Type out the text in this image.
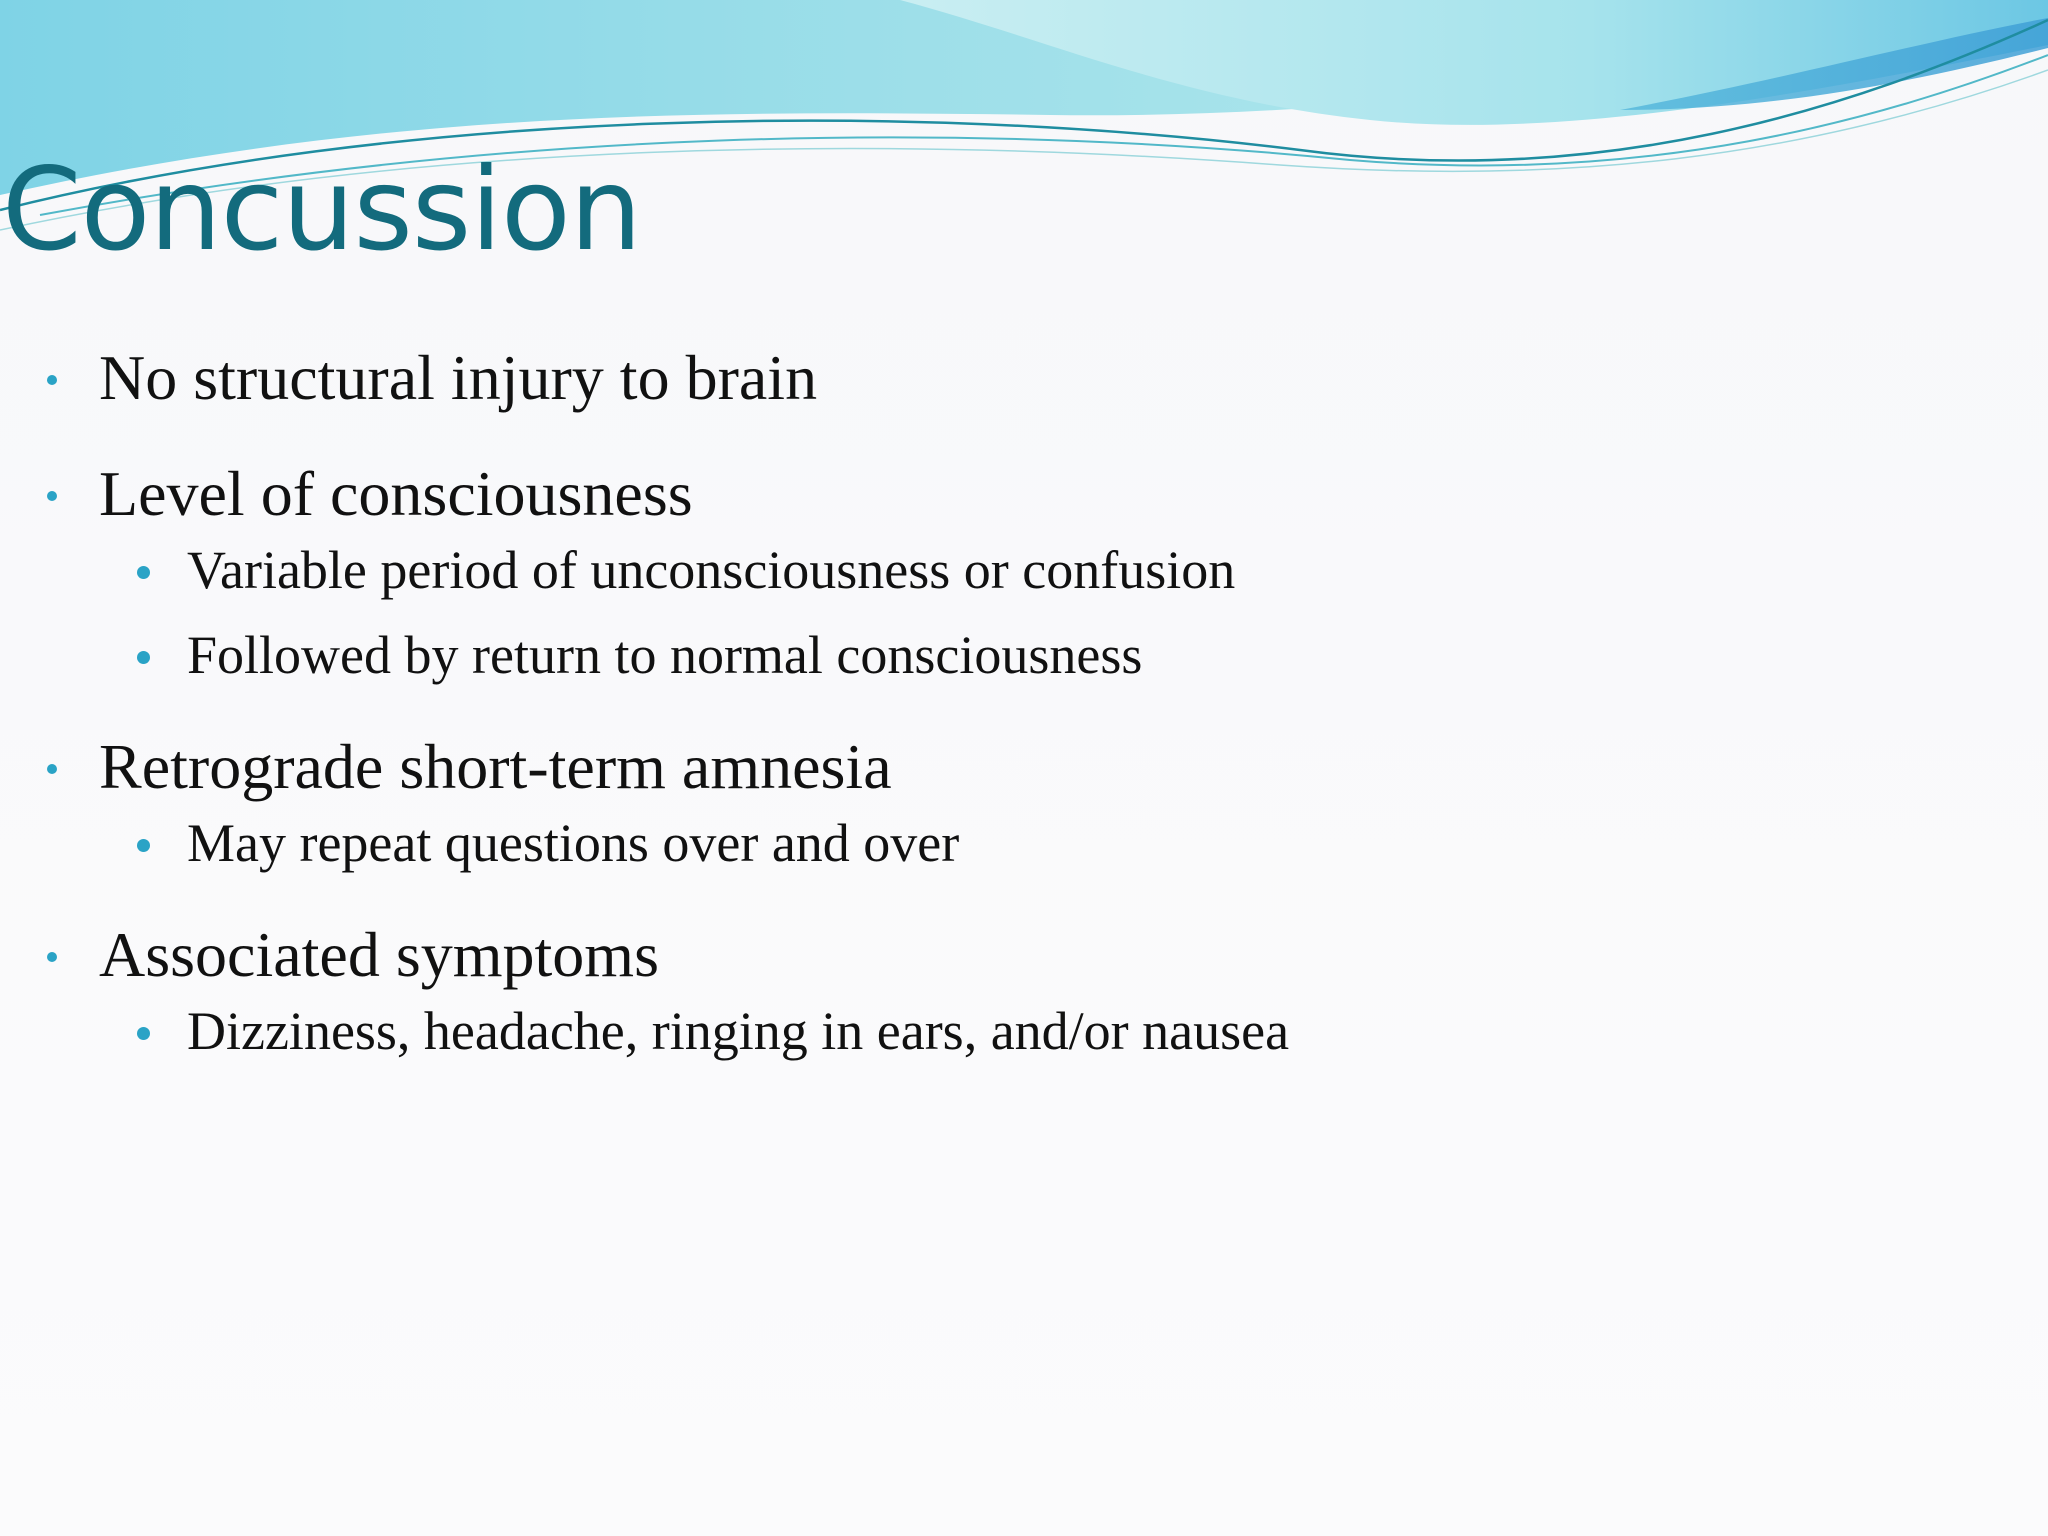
Concussion
No structural injury to brain
Level of consciousness
Variable period of unconsciousness or confusion
Followed by return to normal consciousness
Retrograde short-term amnesia
May repeat questions over and over
Associated symptoms
Dizziness, headache, ringing in ears, and/or nausea
